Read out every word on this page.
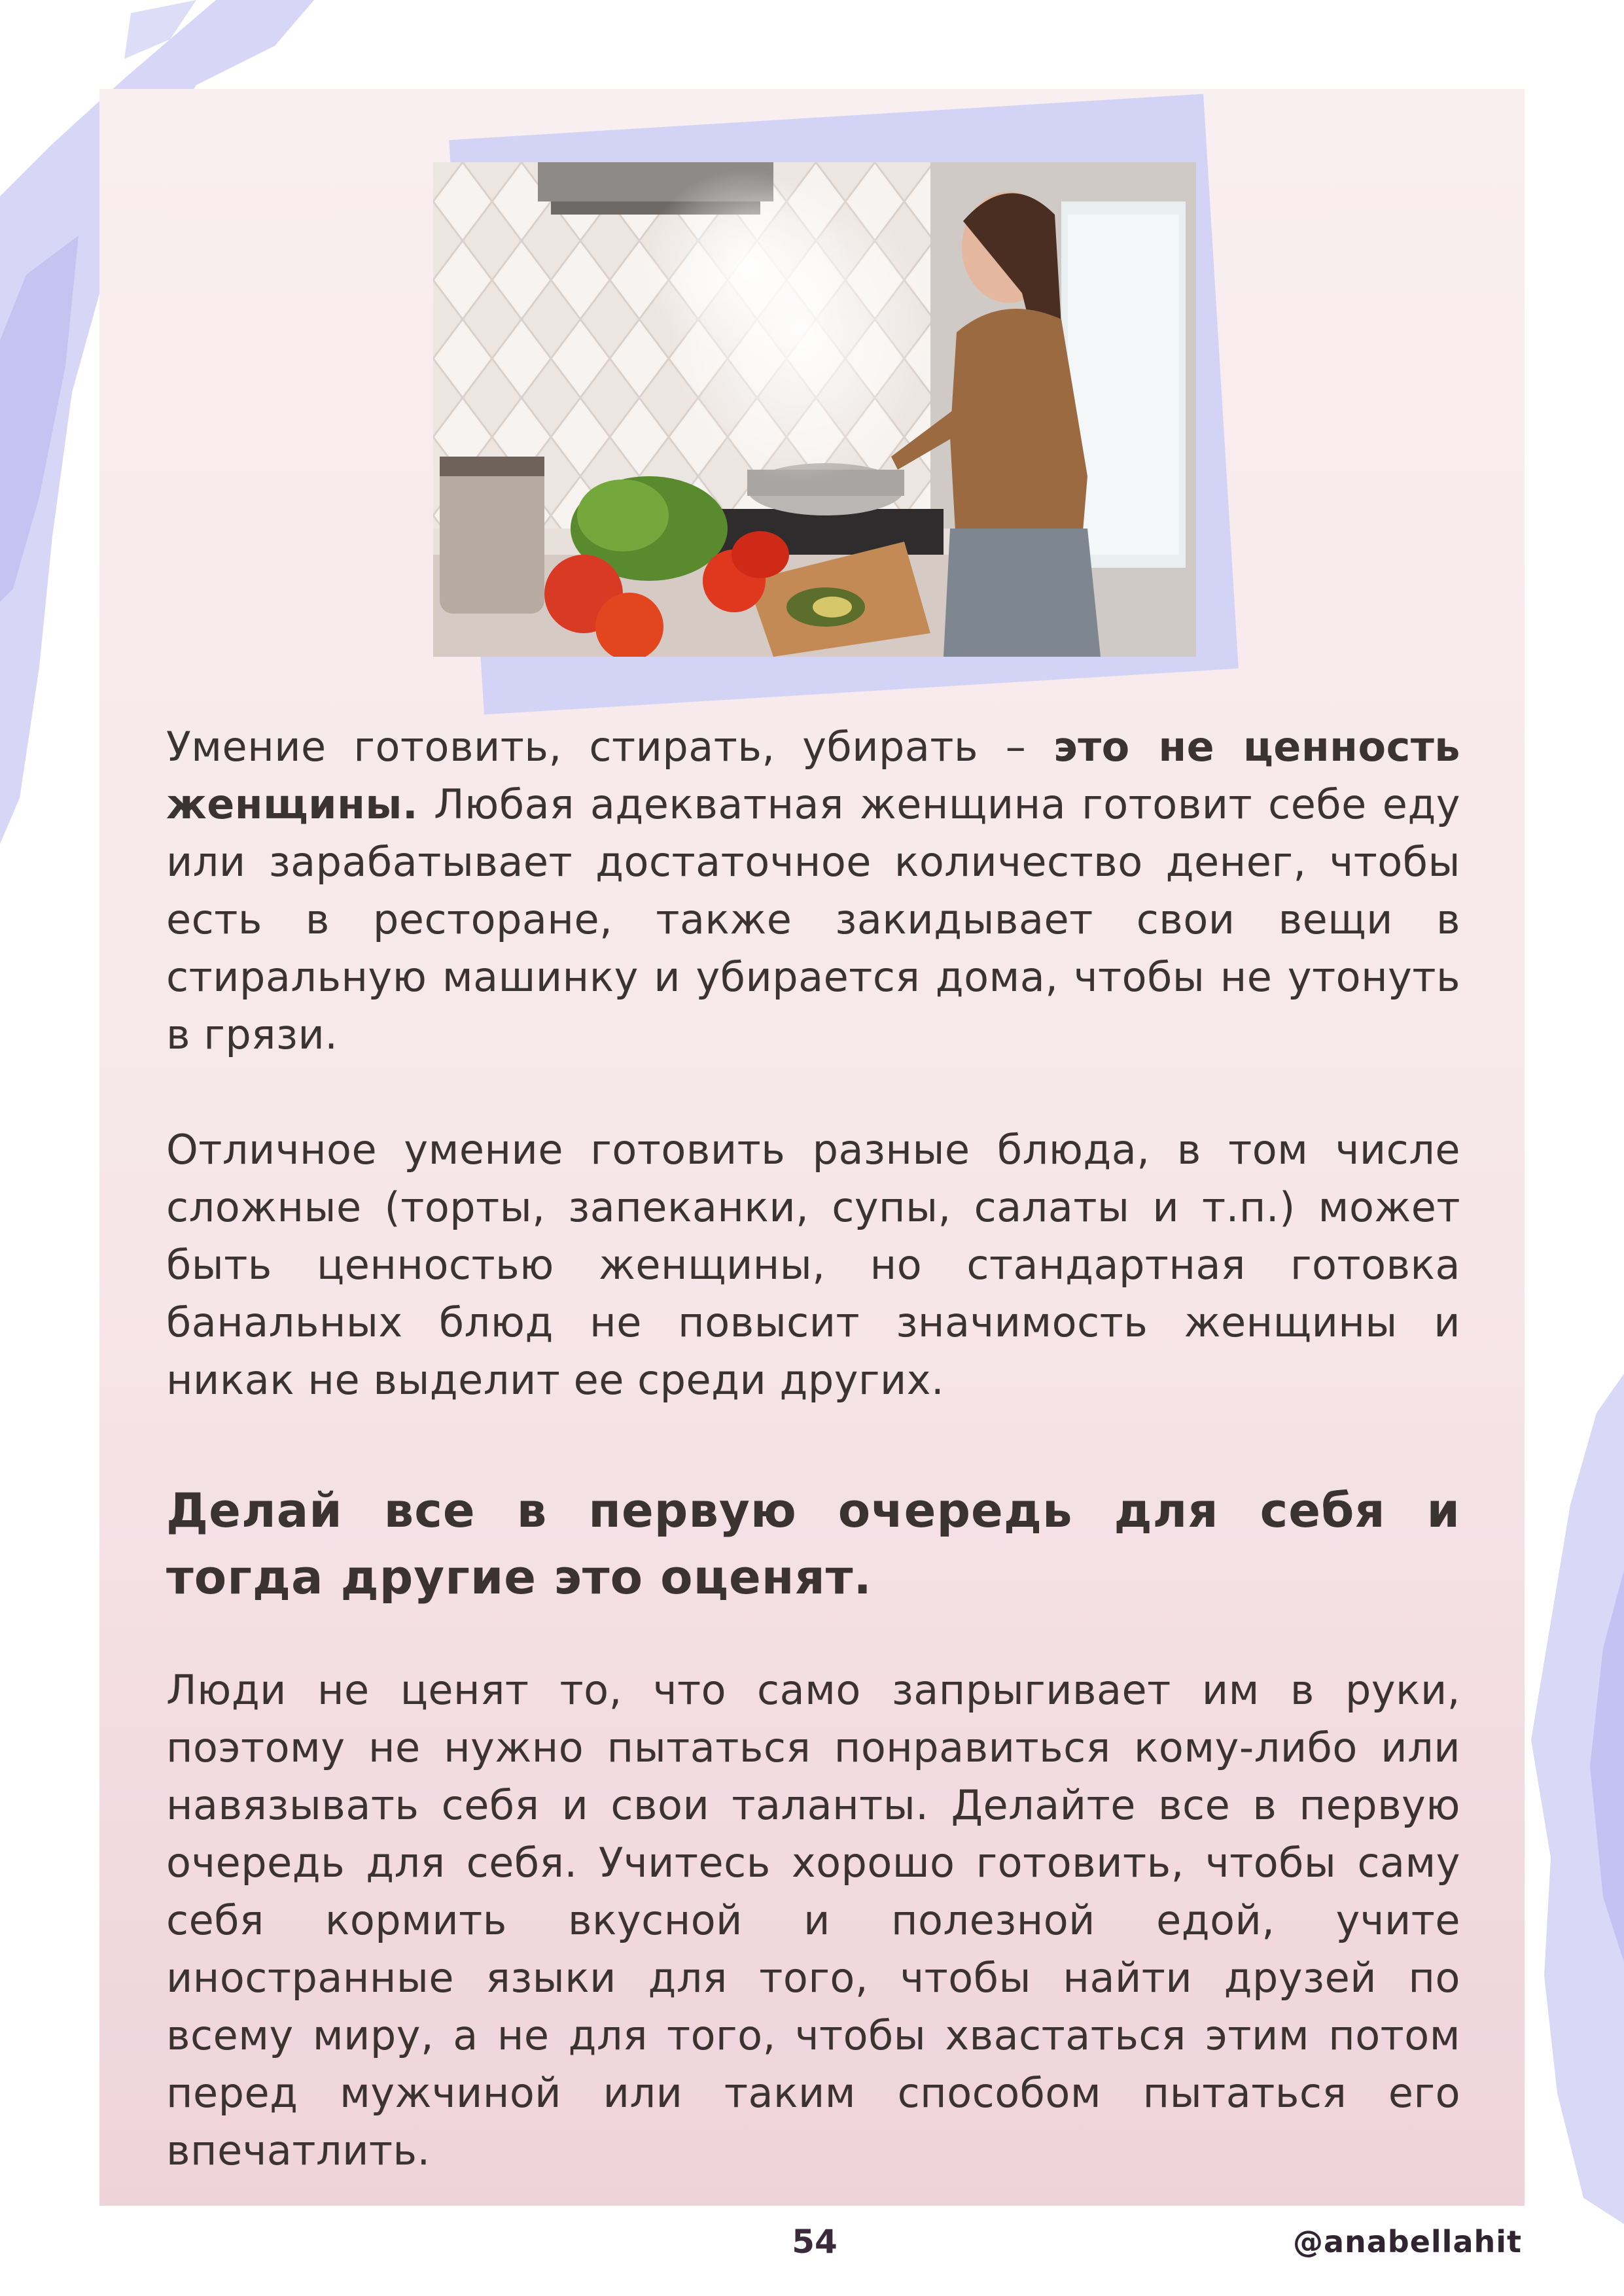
Умение готовить, стирать, убирать – это не ценность женщины. Любая адекватная женщина готовит себе еду или зарабатывает достаточное количество денег, чтобы есть в ресторане, также закидывает свои вещи в стиральную машинку и убирается дома, чтобы не утонуть в грязи.
Отличное умение готовить разные блюда, в том числе сложные (торты, запеканки, супы, салаты и т.п.) может быть ценностью женщины, но стандартная готовка банальных блюд не повысит значимость женщины и никак не выделит ее среди других.
Делай все в первую очередь для себя и тогда другие это оценят.
Люди не ценят то, что само запрыгивает им в руки, поэтому не нужно пытаться понравиться кому-либо или навязывать себя и свои таланты. Делайте все в первую очередь для себя. Учитесь хорошо готовить, чтобы саму себя кормить вкусной и полезной едой, учите иностранные языки для того, чтобы найти друзей по всему миру, а не для того, чтобы хвастаться этим потом перед мужчиной или таким способом пытаться его впечатлить.
54	@anabellahit
